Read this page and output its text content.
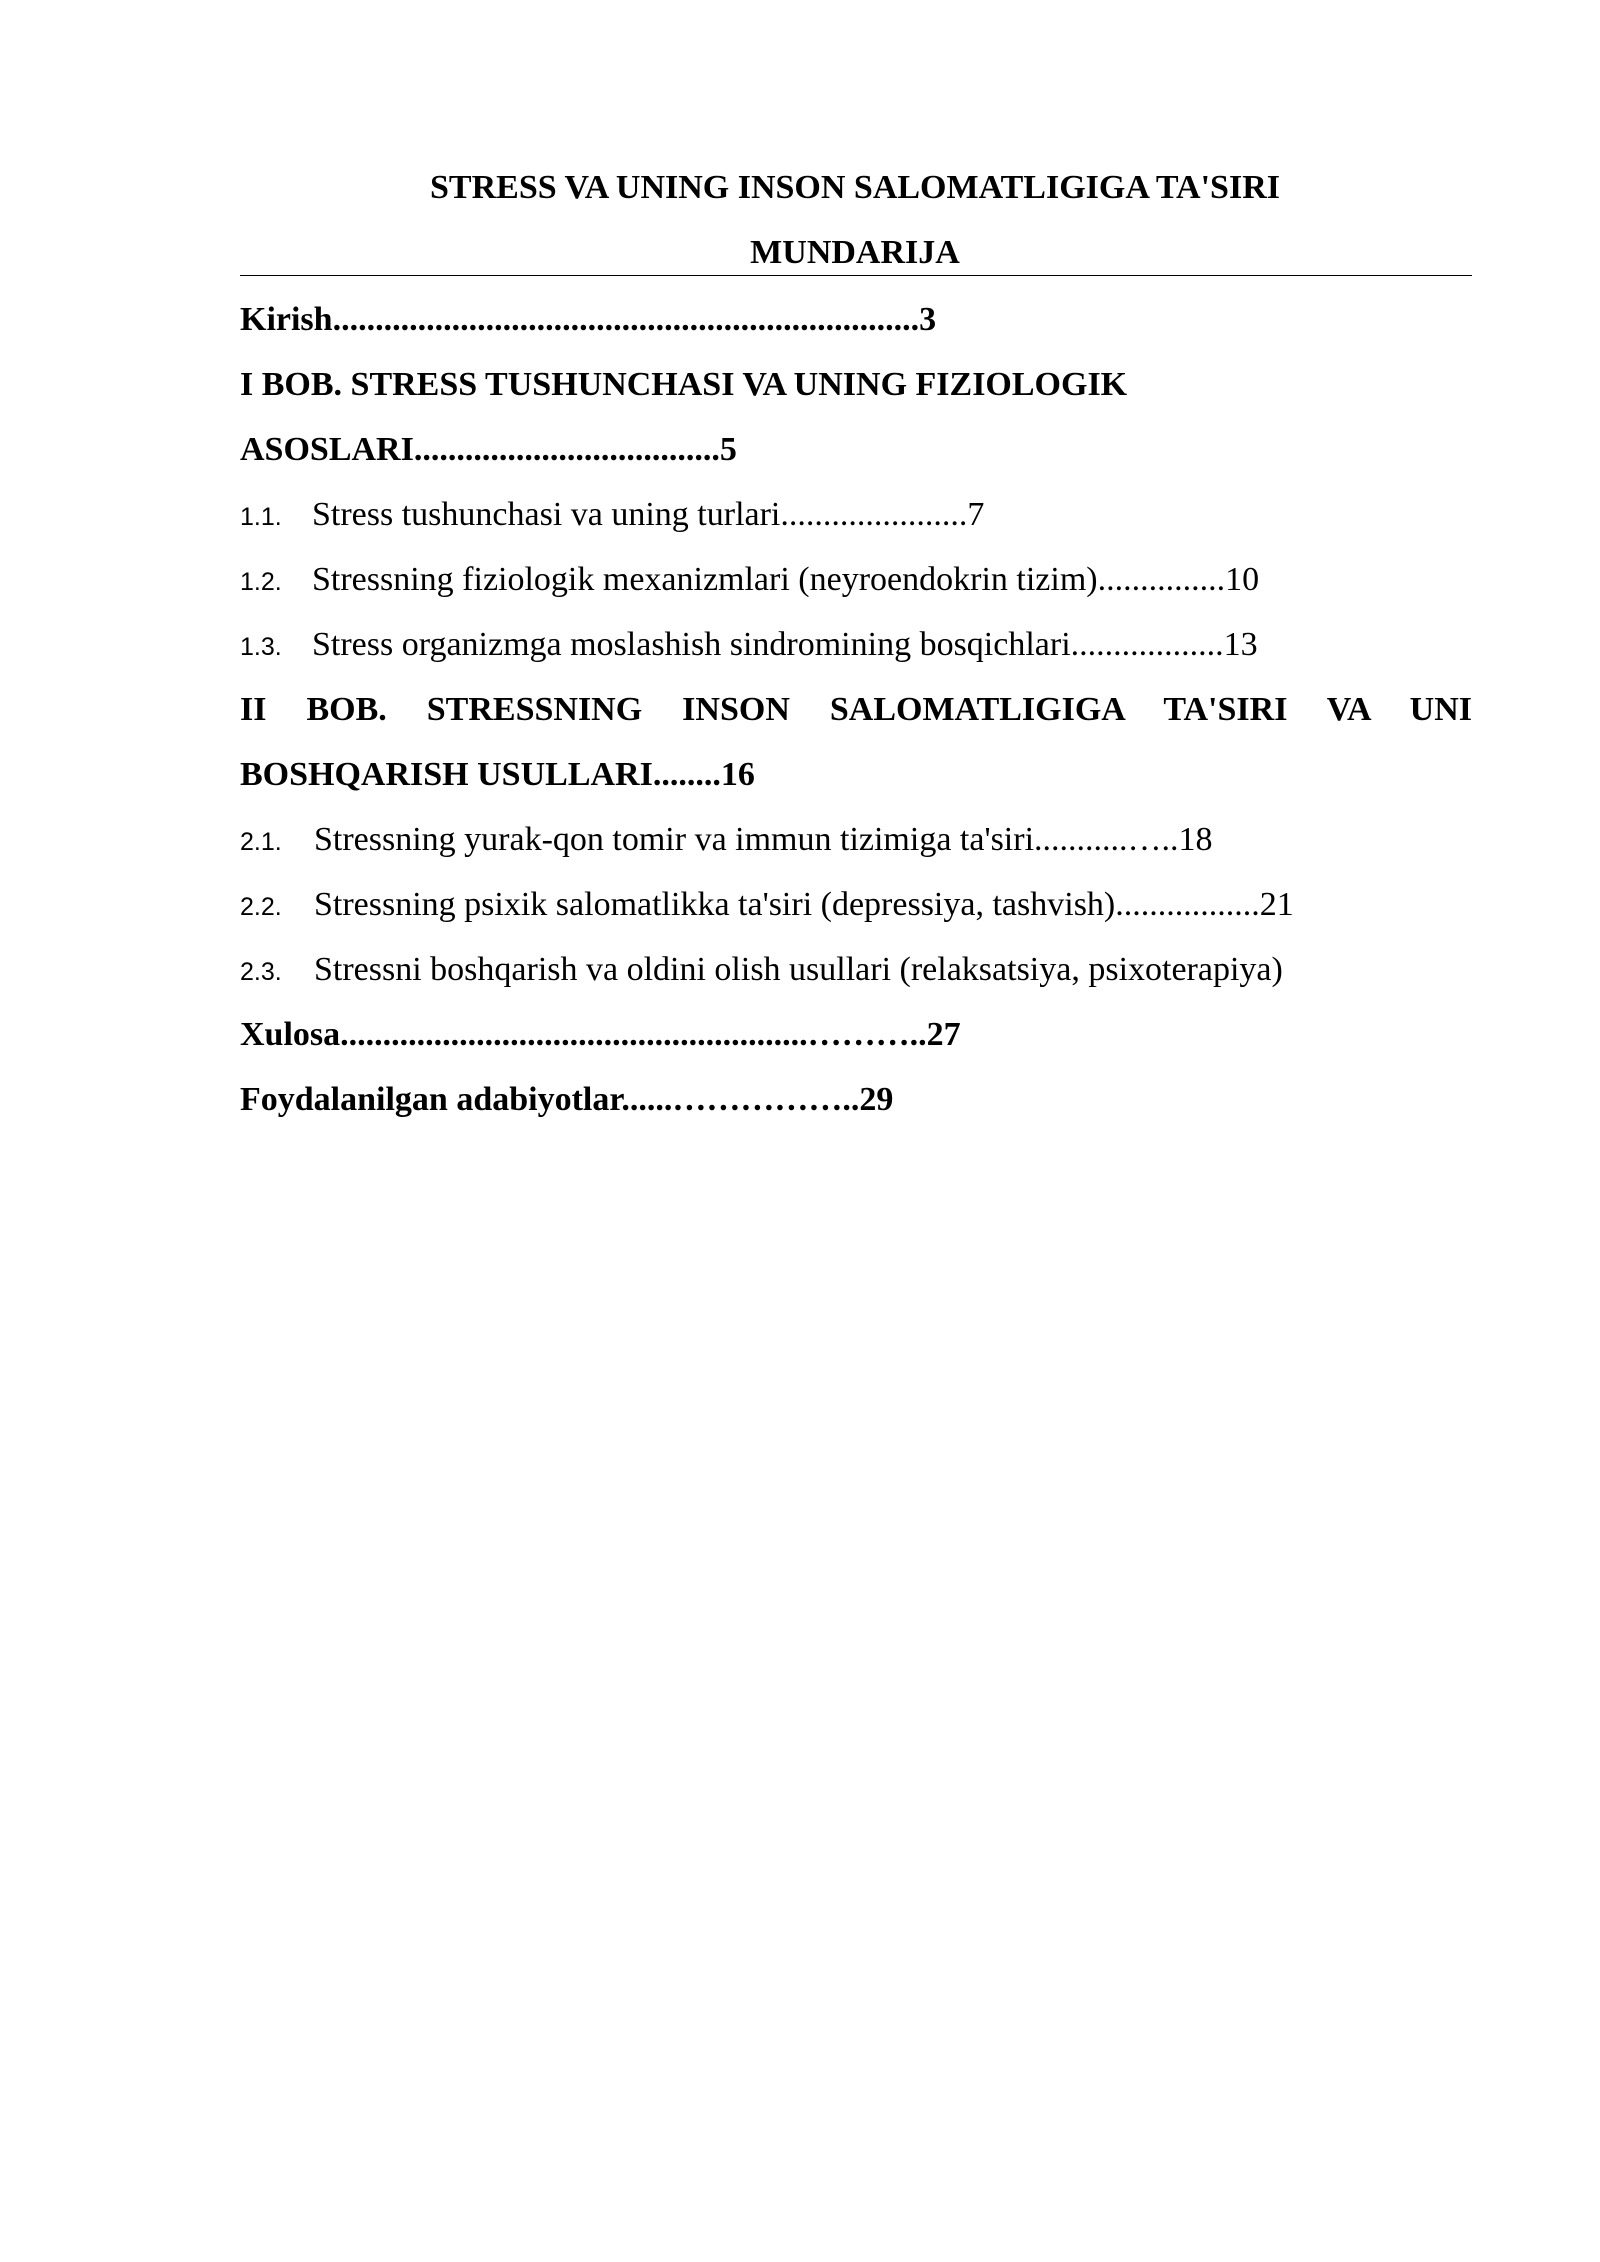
STRESS VA UNING INSON SALOMATLIGIGA TA'SIRI
MUNDARIJA
Kirish.....................................................................3
I BOB. STRESS TUSHUNCHASI VA UNING FIZIOLOGIK
ASOSLARI....................................5
1.1. Stress tushunchasi va uning turlari......................7
1.2. Stressning fiziologik mexanizmlari (neyroendokrin tizim)...............10
1.3. Stress organizmga moslashish sindromining bosqichlari..................13
II BOB. STRESSNING INSON SALOMATLIGIGA TA'SIRI VA UNI
BOSHQARISH USULLARI........16
2.1. Stressning yurak-qon tomir va immun tizimiga ta'siri...........…..18
2.2. Stressning psixik salomatlikka ta'siri (depressiya, tashvish).................21
2.3. Stressni boshqarish va oldini olish usullari (relaksatsiya, psixoterapiya)
Xulosa.......................................................………..27
Foydalanilgan adabiyotlar......……………..29
